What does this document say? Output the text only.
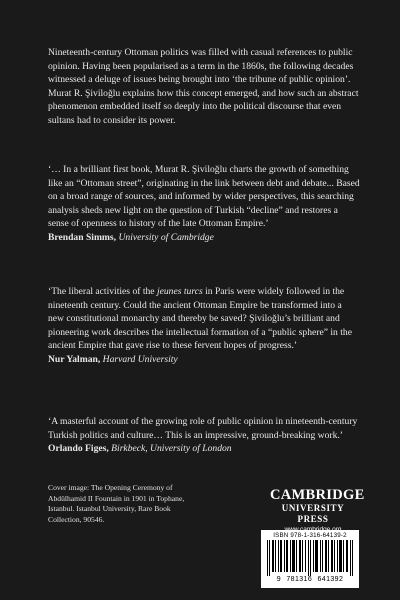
Nineteenth-century Ottoman politics was filled with casual references to public opinion. Having been popularised as a term in the 1860s, the following decades witnessed a deluge of issues being brought into ‘the tribune of public opinion’. Murat R. Şiviloğlu explains how this concept emerged, and how such an abstract phenomenon embedded itself so deeply into the political discourse that even sultans had to consider its power.

‘… In a brilliant first book, Murat R. Şiviloğlu charts the growth of something like an “Ottoman street”, originating in the link between debt and debate... Based on a broad range of sources, and informed by wider perspectives, this searching analysis sheds new light on the question of Turkish “decline” and restores a sense of openness to history of the late Ottoman Empire.’

Brendan Simms, University of Cambridge

‘The liberal activities of the jeunes turcs in Paris were widely followed in the nineteenth century. Could the ancient Ottoman Empire be transformed into a new constitutional monarchy and thereby be saved? Şiviloğlu’s brilliant and pioneering work describes the intellectual formation of a “public sphere” in the ancient Empire that gave rise to these fervent hopes of progress.’

Nur Yalman, Harvard University

‘A masterful account of the growing role of public opinion in nineteenth-century Turkish politics and culture… This is an impressive, ground-breaking work.’

Orlando Figes, Birkbeck, University of London

Cover image: The Opening Ceremony of Abdülhamid II Fountain in 1901 in Tophane, Istanbul. Istanbul University, Rare Book Collection, 90546.
CAMBRIDGE
UNIVERSITY PRESS
ISBN 978-1-316-64139-2
9 781316 641392
